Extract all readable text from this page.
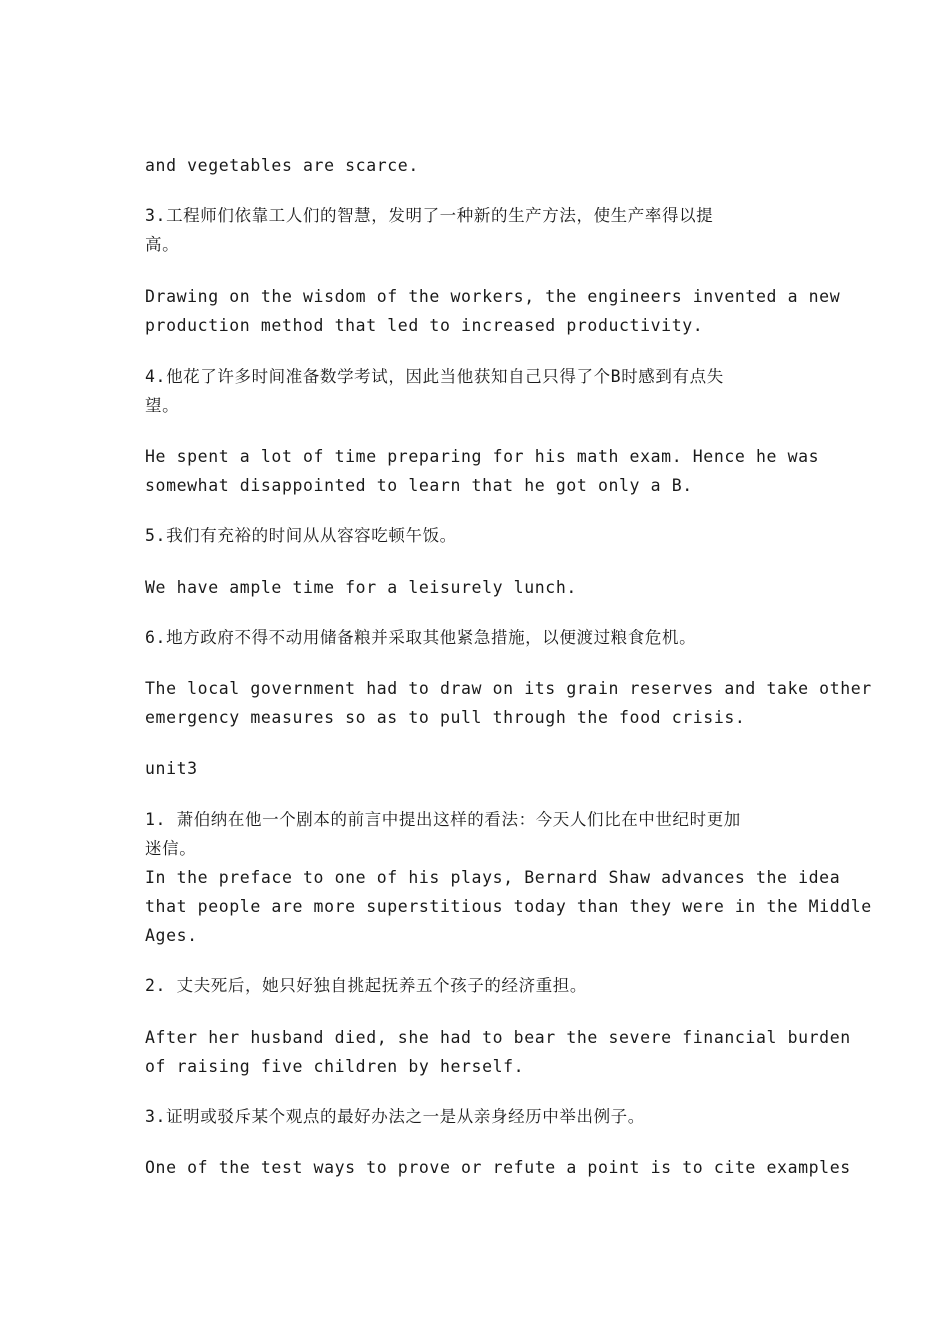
and vegetables are scarce.

3.工程师们依靠工人们的智慧，发明了一种新的生产方法，使生产率得以提

高。

Drawing on the wisdom of the workers, the engineers invented a new

production method that led to increased productivity.

4.他花了许多时间准备数学考试，因此当他获知自己只得了个B时感到有点失

望。

He spent a lot of time preparing for his math exam. Hence he was

somewhat disappointed to learn that he got only a B.

5.我们有充裕的时间从从容容吃顿午饭。

We have ample time for a leisurely lunch.

6.地方政府不得不动用储备粮并采取其他紧急措施，以便渡过粮食危机。

The local government had to draw on its grain reserves and take other

emergency measures so as to pull through the food crisis.

unit3

1. 萧伯纳在他一个剧本的前言中提出这样的看法：今天人们比在中世纪时更加

迷信。

In the preface to one of his plays, Bernard Shaw advances the idea

that people are more superstitious today than they were in the Middle

Ages.

2. 丈夫死后，她只好独自挑起抚养五个孩子的经济重担。

After her husband died, she had to bear the severe financial burden

of raising five children by herself.

3.证明或驳斥某个观点的最好办法之一是从亲身经历中举出例子。

One of the test ways to prove or refute a point is to cite examples
